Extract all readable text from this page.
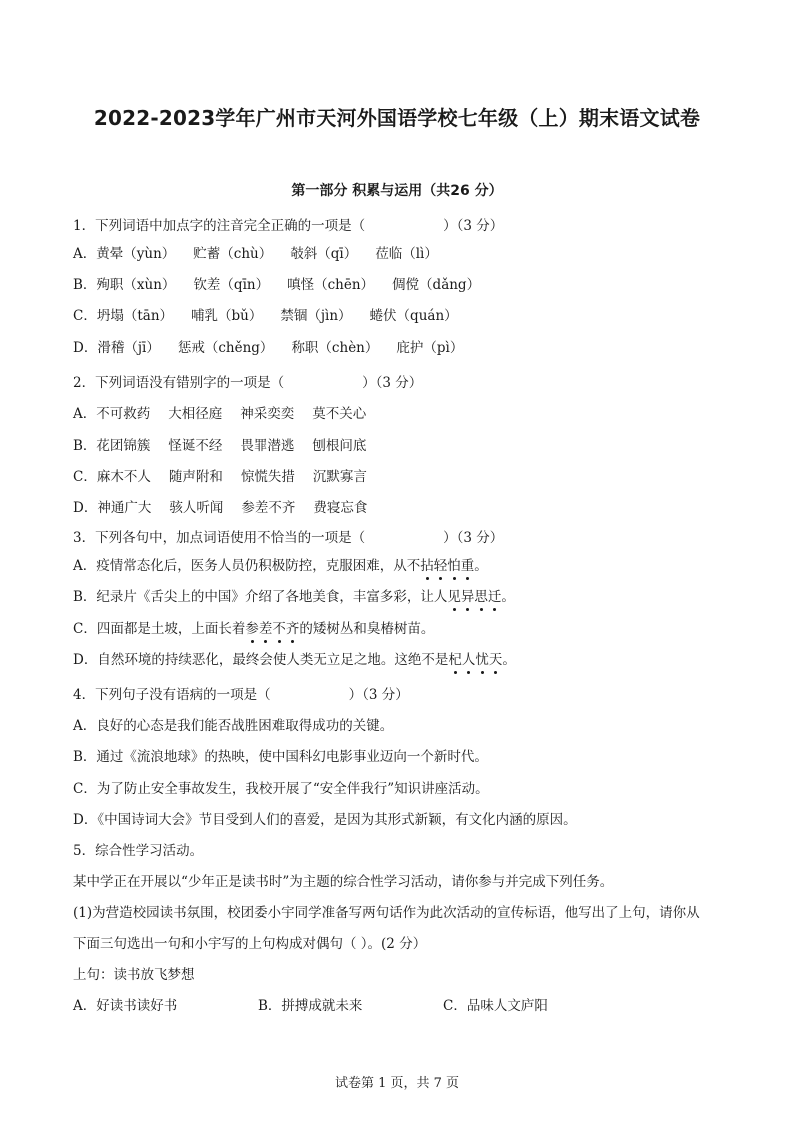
2022-2023学年广州市天河外国语学校七年级（上）期末语文试卷
第一部分 积累与运用（共26 分）
1．下列词语中加点字的注音完全正确的一项是（	）（3 分）
A．黄晕（yùn） 贮蓄（chù） 攲斜（qī） 莅临（lì）
B．殉职（xùn） 钦差（qīn） 嗔怪（chēn） 倜傥（dǎng）
C．坍塌（tān） 哺乳（bǔ） 禁锢（jìn） 蜷伏（quán）
D．滑稽（jī） 惩戒（chěng） 称职（chèn） 庇护（pì）
2．下列词语没有错别字的一项是（	）（3 分）
A．不可救药 大相径庭 神采奕奕 莫不关心
B．花团锦簇 怪诞不经 畏罪潜逃 刨根问底
C．麻木不人 随声附和 惊慌失措 沉默寡言
D．神通广大 骇人听闻 参差不齐 费寝忘食
3．下列各句中，加点词语使用不恰当的一项是（	）（3 分）
A．疫情常态化后，医务人员仍积极防控，克服困难，从不拈轻怕重。
B．纪录片《舌尖上的中国》介绍了各地美食，丰富多彩，让人见异思迁。
C．四面都是土坡，上面长着参差不齐的矮树丛和臭椿树苗。
D．自然环境的持续恶化，最终会使人类无立足之地。这绝不是杞人忧天。
4．下列句子没有语病的一项是（	）（3 分）
A．良好的心态是我们能否战胜困难取得成功的关键。
B．通过《流浪地球》的热映，使中国科幻电影事业迈向一个新时代。
C．为了防止安全事故发生，我校开展了“安全伴我行”知识讲座活动。
D．《中国诗词大会》节目受到人们的喜爱，是因为其形式新颖，有文化内涵的原因。
5．综合性学习活动。
某中学正在开展以“少年正是读书时”为主题的综合性学习活动，请你参与并完成下列任务。
(1)为营造校园读书氛围，校团委小宇同学准备写两句话作为此次活动的宣传标语，他写出了上句，请你从
下面三句选出一句和小宇写的上句构成对偶句（ ）。(2 分）
上句：读书放飞梦想
A．好读书读好书	B．拼搏成就未来	C．品味人文庐阳
试卷第 1 页，共 7 页
